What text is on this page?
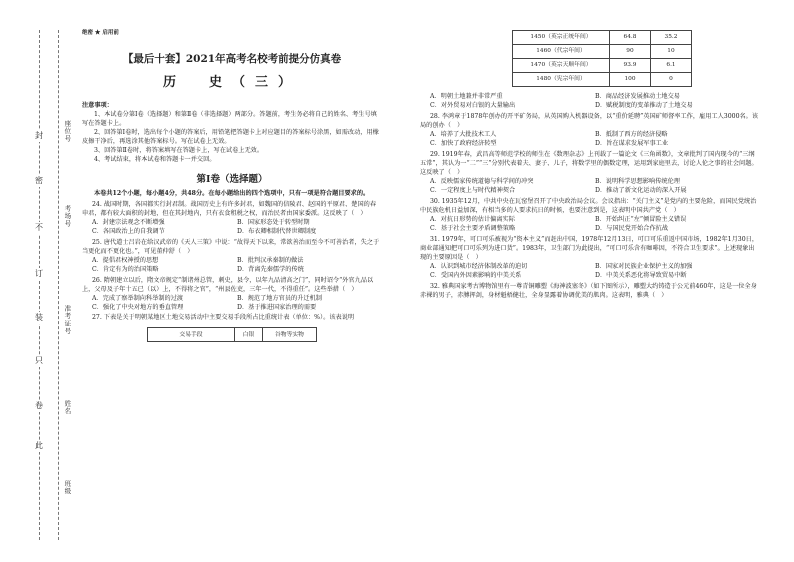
封
密
不
订
装
只
卷
此
座位号
考场号
准考证号
姓名
班级

绝密 ★ 启用前

【最后十套】2021年高考名校考前提分仿真卷

历　史（三）

注意事项：

1、本试卷分第Ⅰ卷（选择题）和第Ⅱ卷（非选择题）两部分。答题前，考生务必将自己的姓名、考生号填写在答题卡上。

2、回答第Ⅰ卷时，选出每个小题的答案后，用铅笔把答题卡上对应题目的答案标号涂黑，如需改动，用橡皮擦干净后，再选涂其他答案标号。写在试卷上无效。

3、回答第Ⅱ卷时，将答案填写在答题卡上，写在试卷上无效。

4、考试结束，将本试卷和答题卡一并交回。

第Ⅰ卷（选择题）

本卷共12个小题，每小题4分，共48分。在每小题给出的四个选项中，只有一项是符合题目要求的。

24. 战国时期，各国都实行封君制。战国历史上有许多封君，如魏国的信陵君、赵国的平原君、楚国的春申君，都有较大面积的封地，但在其封地内，只有衣食租税之权，而治民者由国家委派。这反映了（　）

A．封建宗法观念不断增强	B．国家形态处于转型时期
C．各国政治上的自我调节	D．布衣卿相制代替世卿制度

25. 唐代道士吕岩在给汉武帝的《天人三策》中说：“故得天下以来，常欲善治而至今不可善治者，失之于当更化而不更化也。”，可见董仲舒（　）

A．提倡君权神授的思想	B．批判汉承秦制的做法
C．肯定有为的治国策略	D．背离先秦儒学的传统

26. 隋朝建立以后，隋文帝规定“制诸州总管，刺史，县令，以年九品清高之门”，同时诏令“外官九品以上，父母及子年十五已（以）上，不得将之官”，“州县佐吏，三年一代，不得重任”。这些举措（　）

A．完成了察举制向科举制的过渡	B．规范了地方官员的升迁机制
C．强化了中央对地方的垂直管理	D．基于推进国家治理的需要

27. 下表是关于明朝某地区土地交易活动中主要交易手段所占比重统计表（单位：%）。该表说明

交易手段	白银	谷物等实物
1450（英宗正统年间）	64.8	35.2
1460（代宗年间）	90	10
1470（英宗天顺年间）	93.9	6.1
1480（宪宗年间）	100	0
A．明朝土地兼并非常严重	B．商品经济发展推动土地交易
C．对外贸易对白银的大量输出	D．赋税制度的变革推动了土地交易

28. 李鸿章于1878年创办的开平矿务局，从英国购入机器设备，以“重价延聘”英国矿师督率工作，雇用工人3000名。该局的创办（　）

A．培养了大批技术工人	B．抵制了西方的经济侵略
C．加快了政府经济转型	D．旨在谋求发展军事工业

29. 1919年春，武昌高等师范学校的师生在《数理杂志》上刊载了一篇论文《三角函数》，文章批判了国内现今的“三纲五常”，其认为一“二”“三”分别代表着夫、妻子、儿子，将数学里的偶数定理，运用到家庭里去，讨论人伦之事的社会问题。这反映了（　）

A．反映儒家传统道德与科学间的冲突	B．说明科学思想影响传统伦理
C．一定程度上与时代精神契合	D．推动了新文化运动的深入开展

30. 1935年12月，中共中央在瓦窑堡召开了中央政治局会议。会议指出：“关门主义”是党内的主要危险，而国民党统治中民族危机日益加深，有相当多的人要求抗日的时候，也要注意到是，这表明中国共产党（　）

A．对抗日形势的估计偏离实际	B．开始纠正“左”倾冒险主义错误
C．基于社会主要矛盾调整策略	D．与国民党开始合作抗战

31. 1979年，可口可乐被视为“资本主义”而赶出中国，1978年12月13日，可口可乐重返中国市场，1982年1月30日，商业部通知把可口可乐列为进口货”。1983年，卫生部门为此提出，“可口可乐含有咖啡因，不符合卫生要求”。上述现象出现的主要原因是（　）

A．认识到城市经济体制改革的迫切	B．国家对民族企业保护主义的加强
C．受国内外因素影响的中美关系	D．中美关系恶化将导致贸易中断

32. 雅典国家考古博物馆里有一尊青铜雕塑《海神波塞冬》（如下图所示），雕塑大约铸造于公元前460年，这是一位全身赤裸的男子，赤膊挥剑，身材魁梧健壮，全身显露着协调优美的肌肉。这表明，雅典（　）
